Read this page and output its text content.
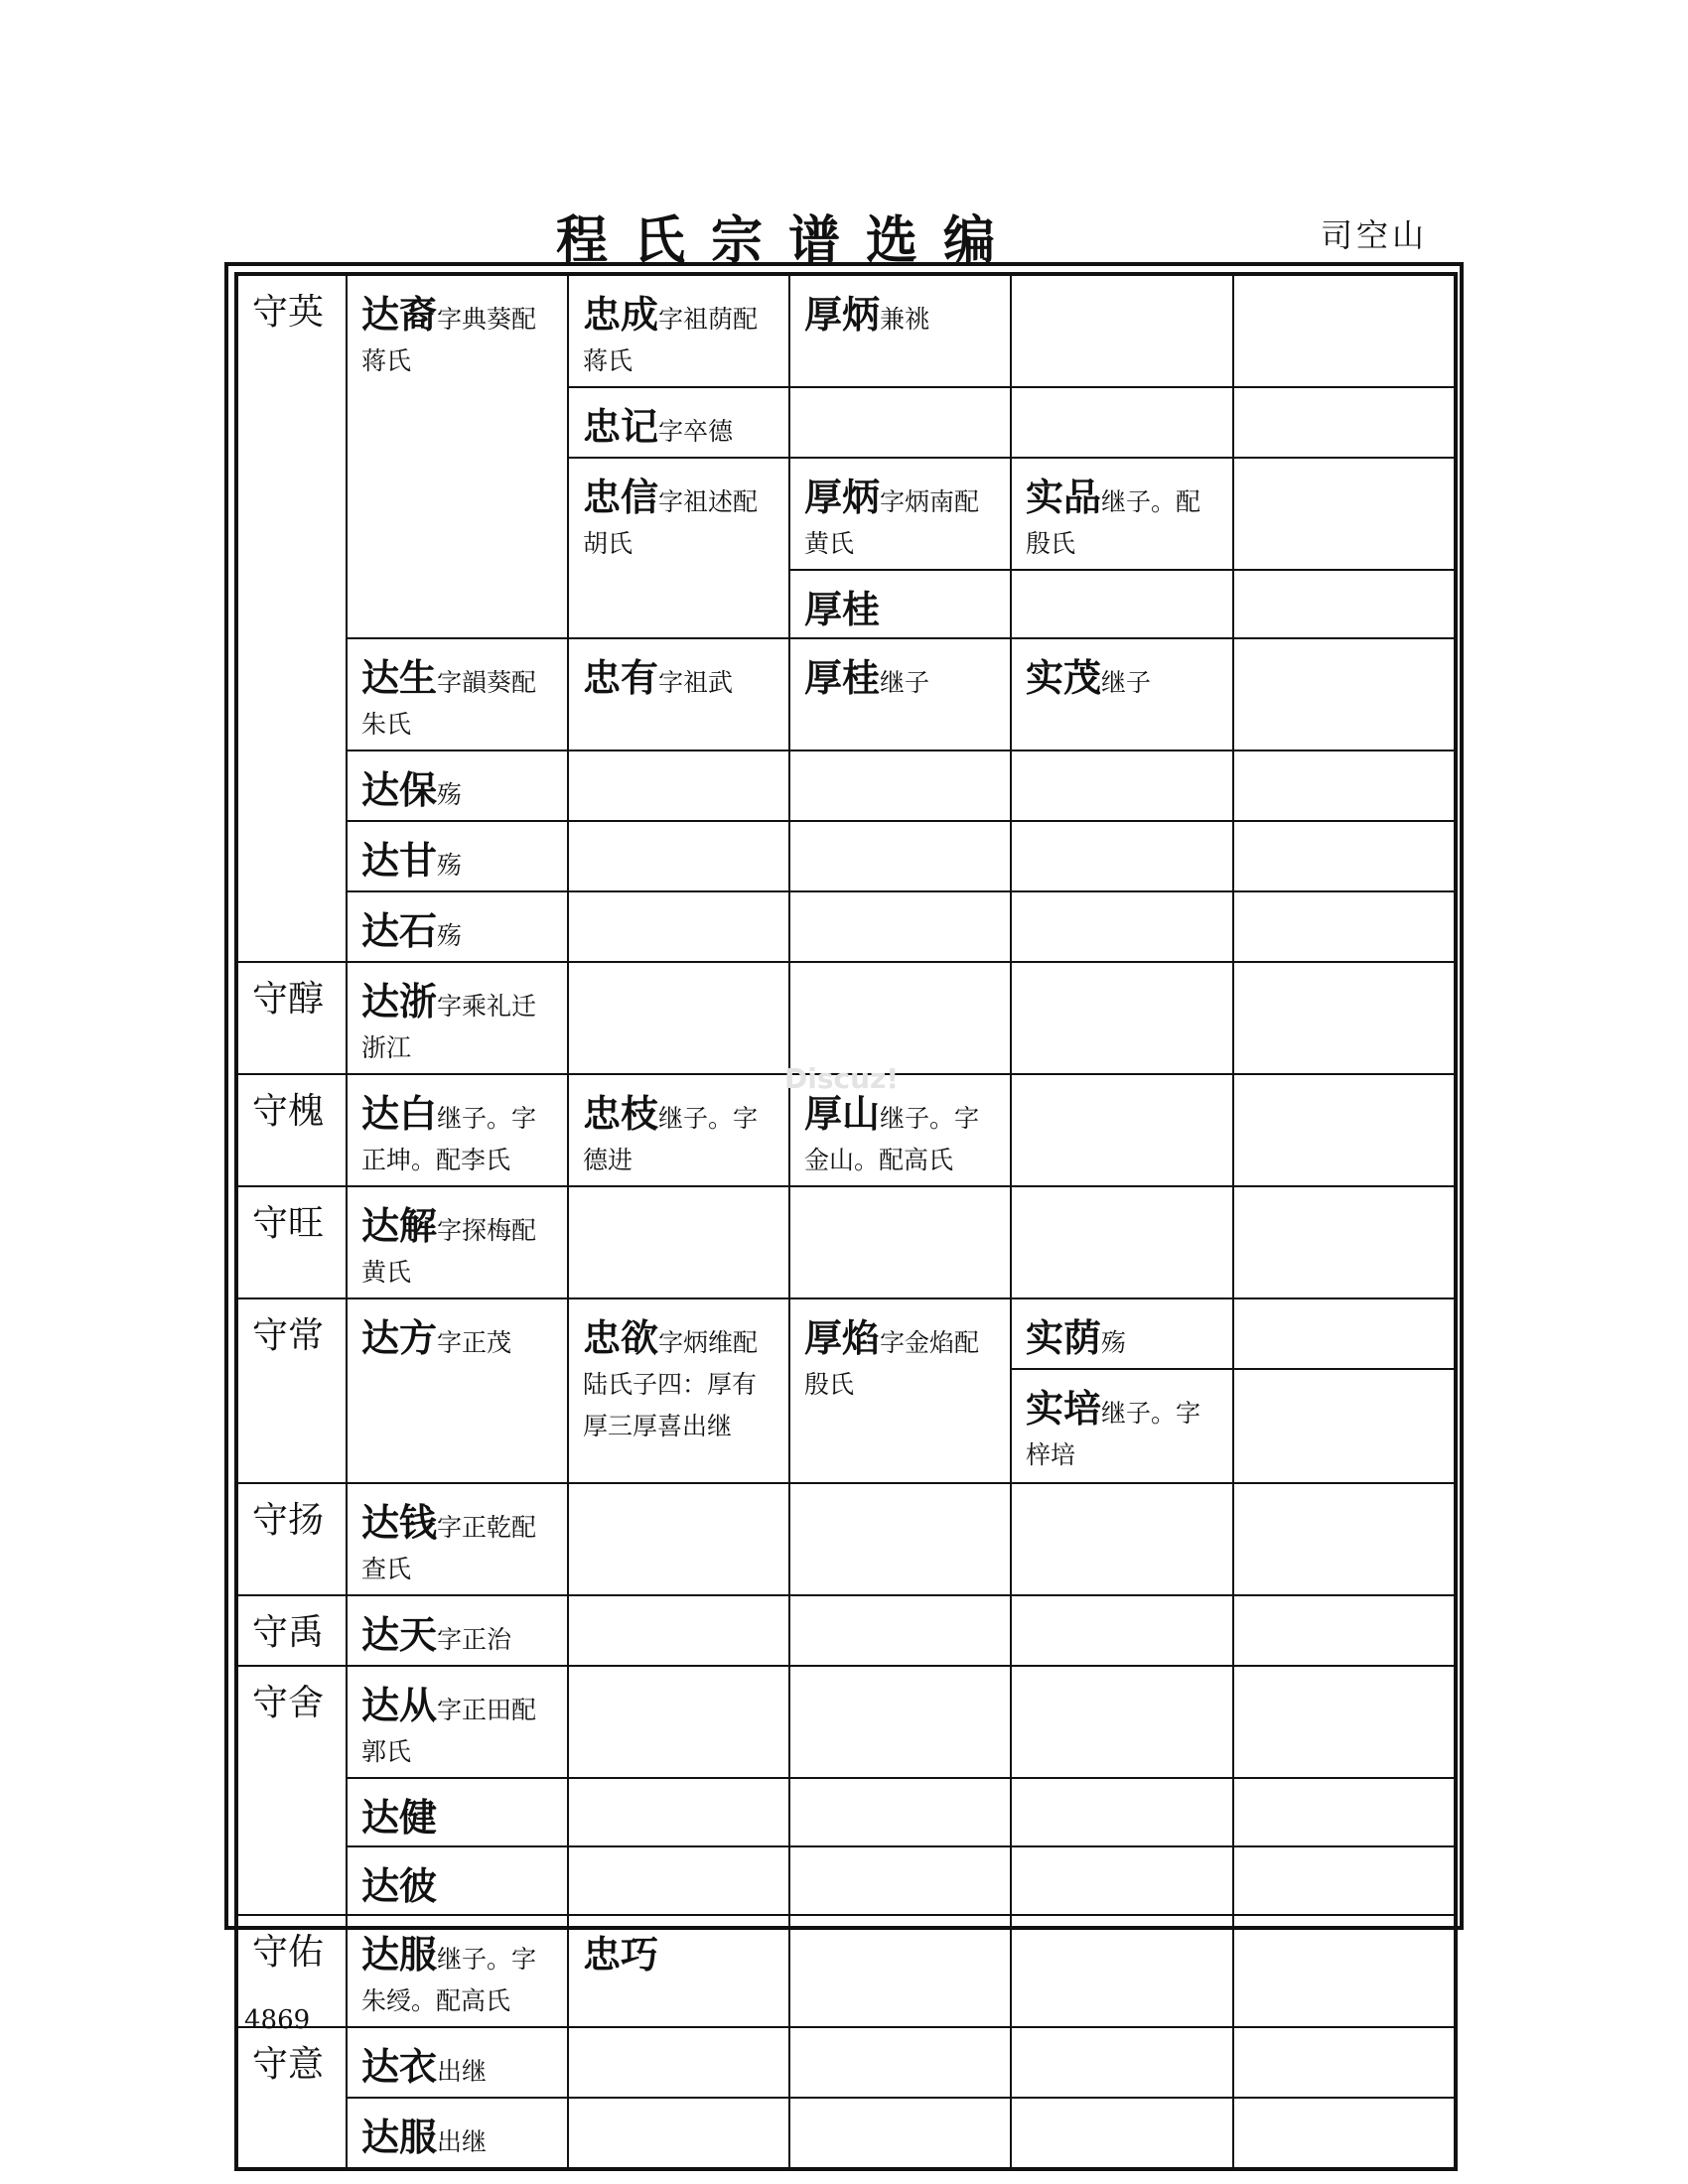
程氏宗谱选编	司空山
守英	达裔字典葵配蒋氏	忠成字祖荫配蒋氏	厚炳兼祧		
		忠记字卒德			
		忠信字祖述配胡氏	厚炳字炳南配黄氏	实品继子。配殷氏	
			厚桂		
	达生字韻葵配朱氏	忠有字祖武	厚桂继子	实茂继子	
	达保殇				
	达甘殇				
	达石殇				
守醇	达浙字乘礼迁浙江				
守槐	达白继子。字正坤。配李氏	忠枝继子。字德进	厚山继子。字金山。配高氏		
守旺	达解字探梅配黄氏				
守常	达方字正茂	忠欲字炳维配陆氏子四：厚有厚三厚喜出继	厚焰字金焰配殷氏	实荫殇	
				实培继子。字梓培	
守扬	达钱字正乾配查氏				
守禹	达天字正治				
守舍	达从字正田配郭氏				
	达健				
	达彼				
守佑	达服继子。字朱绶。配高氏	忠巧			
守意	达衣出继				
	达服出继				
Discuz!
4869
